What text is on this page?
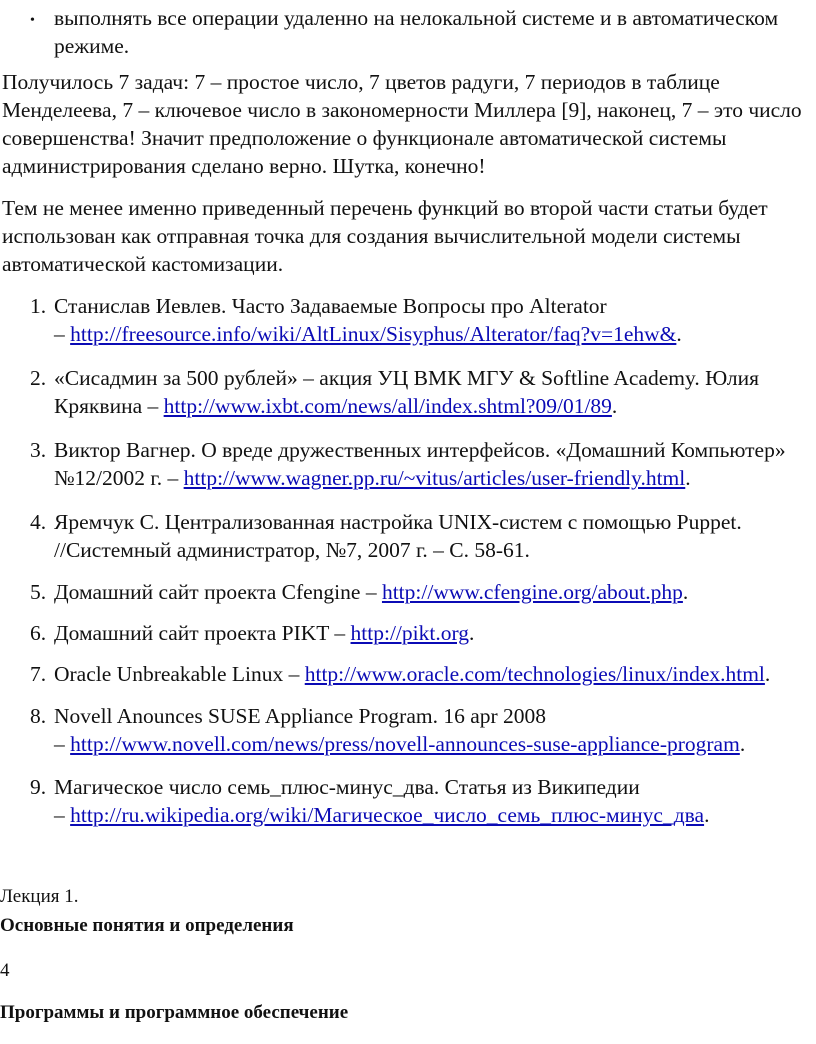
• выполнять все операции удаленно на нелокальной системе и в автоматическом
режиме.
Получилось 7 задач: 7 – простое число, 7 цветов радуги, 7 периодов в таблице
Менделеева, 7 – ключевое число в закономерности Миллера [9], наконец, 7 – это число
совершенства! Значит предположение о функционале автоматической системы
администрирования сделано верно. Шутка, конечно!
Тем не менее именно приведенный перечень функций во второй части статьи будет
использован как отправная точка для создания вычислительной модели системы
автоматической кастомизации.
1. Станислав Иевлев. Часто Задаваемые Вопросы про Alterator
– http://freesource.info/wiki/AltLinux/Sisyphus/Alterator/faq?v=1ehw&.
2. «Сисадмин за 500 рублей» – акция УЦ ВМК МГУ & Softline Academy. Юлия
Кряквина – http://www.ixbt.com/news/all/index.shtml?09/01/89.
3. Виктор Вагнер. О вреде дружественных интерфейсов. «Домашний Компьютер»
№12/2002 г. – http://www.wagner.pp.ru/~vitus/articles/user-friendly.html.
4. Яремчук С. Централизованная настройка UNIX-систем с помощью Puppet.
//Системный администратор, №7, 2007 г. – С. 58-61.
5. Домашний сайт проекта Cfengine – http://www.cfengine.org/about.php.
6. Домашний сайт проекта PIKT – http://pikt.org.
7. Oracle Unbreakable Linux – http://www.oracle.com/technologies/linux/index.html.
8. Novell Anounces SUSE Appliance Program. 16 apr 2008
– http://www.novell.com/news/press/novell-announces-suse-appliance-program.
9. Магическое число семь_плюс-минус_два. Статья из Википедии
– http://ru.wikipedia.org/wiki/Магическое_число_семь_плюс-минус_два.
Лекция 1.
Основные понятия и определения
4
Программы и программное обеспечение
